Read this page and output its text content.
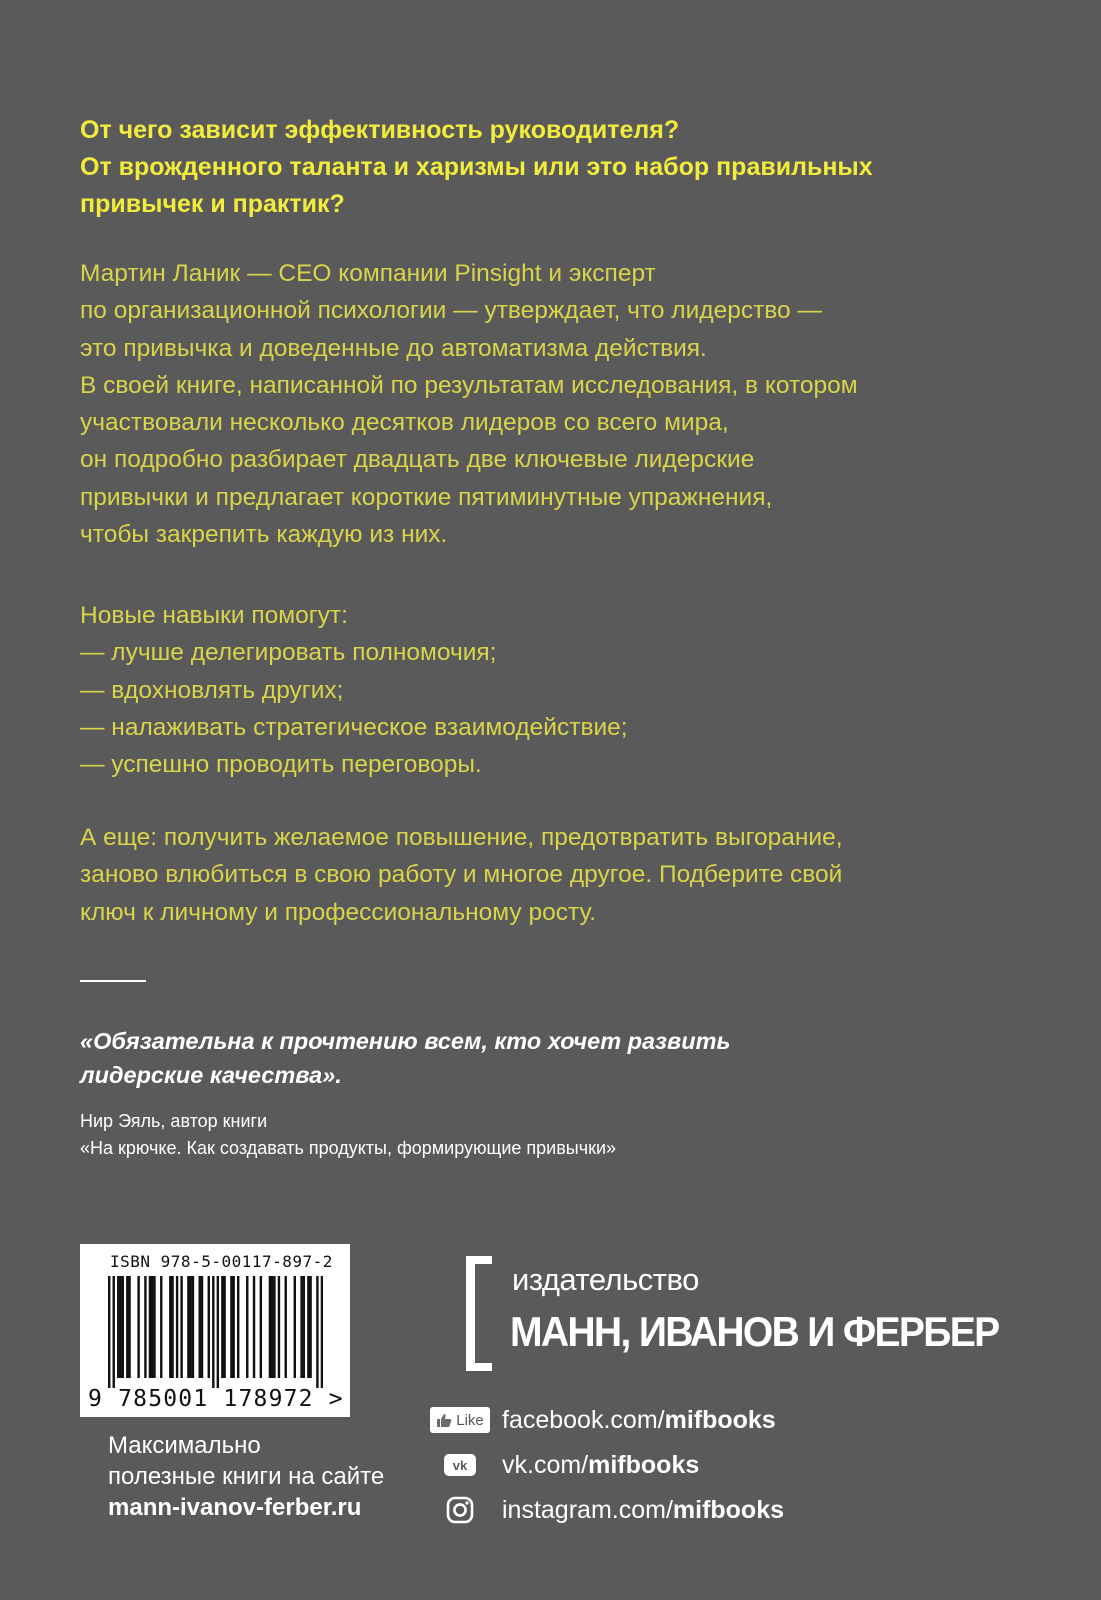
От чего зависит эффективность руководителя?
От врожденного таланта и харизмы или это набор правильных
привычек и практик?

Мартин Ланик — CEO компании Pinsight и эксперт
по организационной психологии — утверждает, что лидерство —
это привычка и доведенные до автоматизма действия.
В своей книге, написанной по результатам исследования, в котором
участвовали несколько десятков лидеров со всего мира,
он подробно разбирает двадцать две ключевые лидерские
привычки и предлагает короткие пятиминутные упражнения,
чтобы закрепить каждую из них.

Новые навыки помогут:
— лучше делегировать полномочия;
— вдохновлять других;
— налаживать стратегическое взаимодействие;
— успешно проводить переговоры.

А еще: получить желаемое повышение, предотвратить выгорание,
заново влюбиться в свою работу и многое другое. Подберите свой
ключ к личному и профессиональному росту.

«Обязательна к прочтению всем, кто хочет развить
лидерские качества».

Нир Эяль, автор книги
«На крючке. Как создавать продукты, формирующие привычки»

ISBN 978-5-00117-897-2
9 785001 178972 >

Максимально
полезные книги на сайте
mann-ivanov-ferber.ru

издательство
МАНН, ИВАНОВ И ФЕРБЕР
Like facebook.com/mifbooks
vk vk.com/mifbooks
instagram.com/mifbooks
